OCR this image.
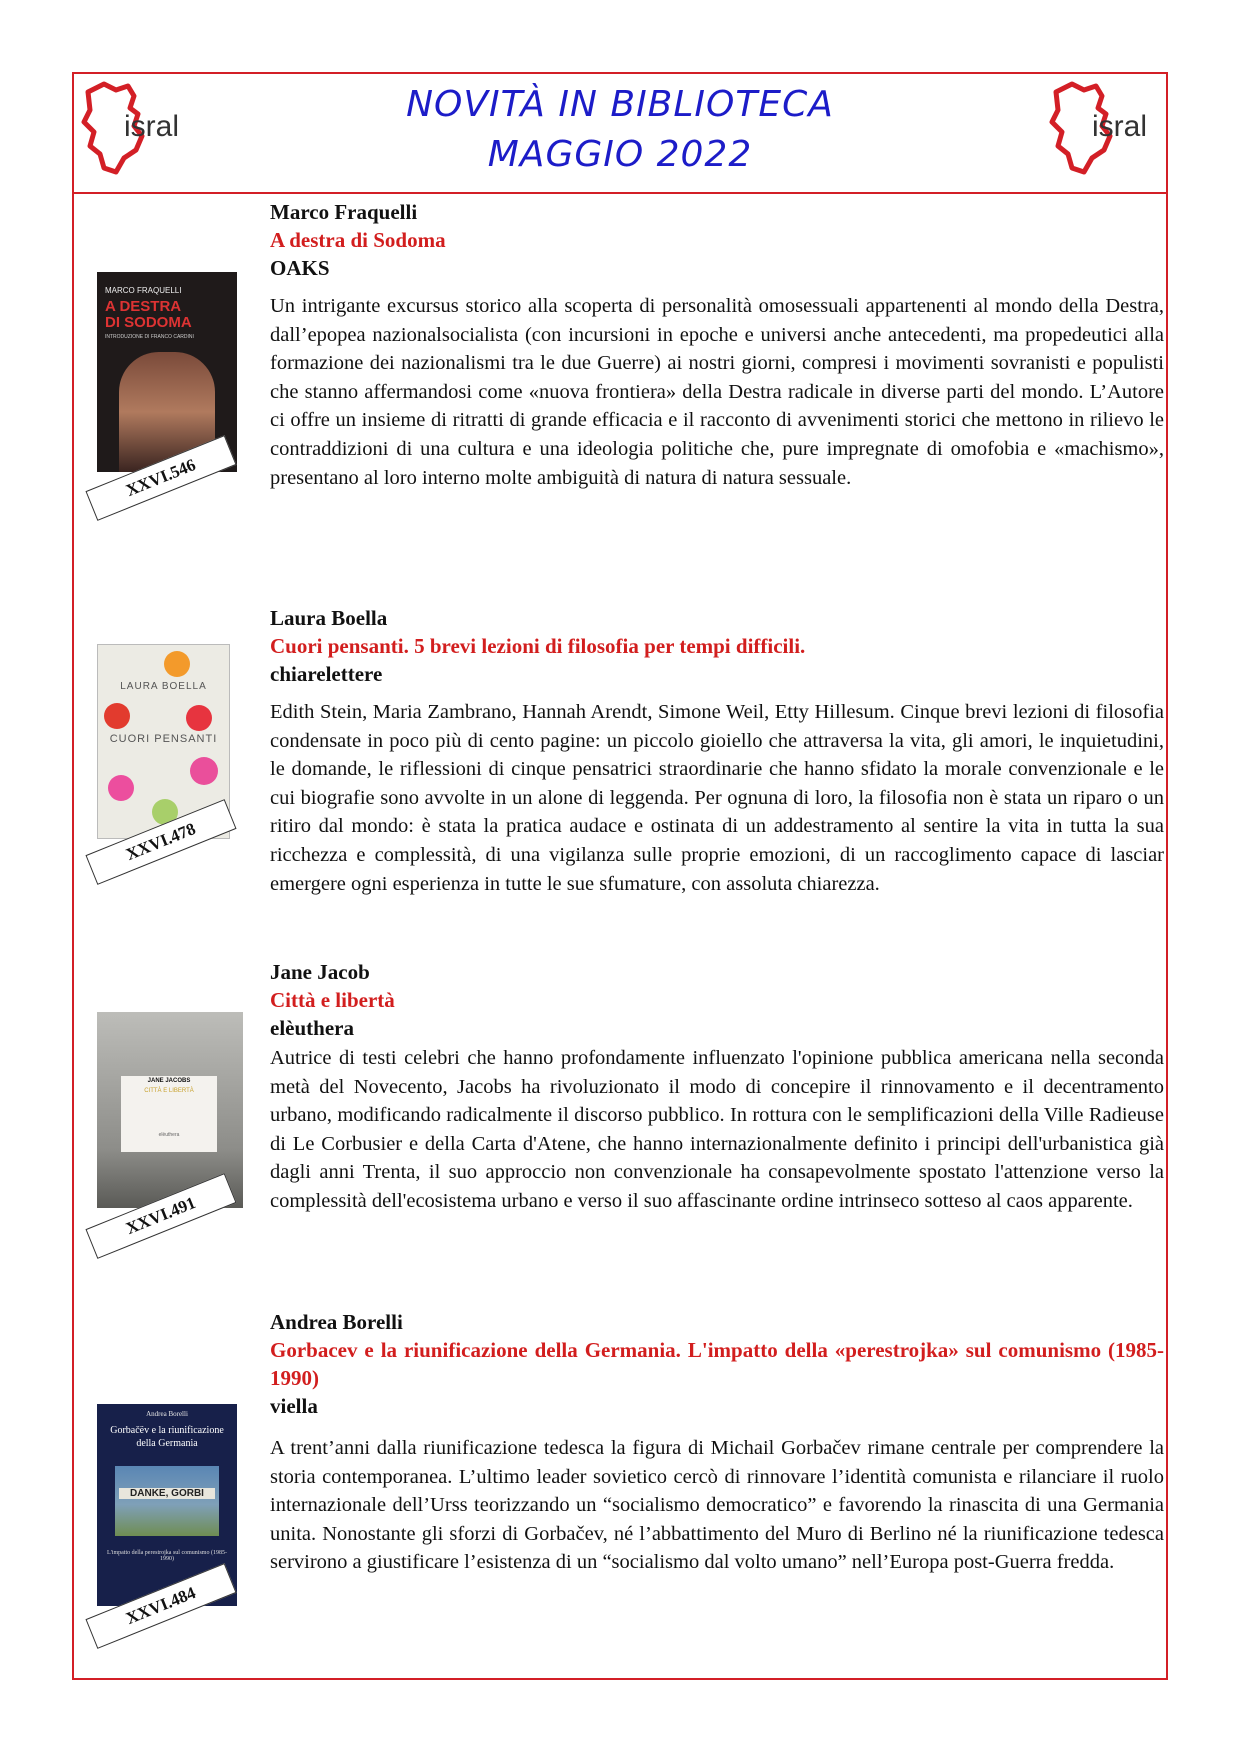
isral
NOVITÀ IN BIBLIOTECA
MAGGIO 2022
isral
MARCO FRAQUELLI
A DESTRA
DI SODOMA
INTRODUZIONE DI FRANCO CARDINI
XXVI.546
Marco Fraquelli
A destra di Sodoma
OAKS
Un intrigante excursus storico alla scoperta di personalità omosessuali appartenenti al mondo della Destra, dall’epopea nazionalsocialista (con incursioni in epoche e universi anche antecedenti, ma propedeutici alla formazione dei nazionalismi tra le due Guerre) ai nostri giorni, compresi i movimenti sovranisti e populisti che stanno affermandosi come «nuova frontiera» della Destra radicale in diverse parti del mondo. L’Autore ci offre un insieme di ritratti di grande efficacia e il racconto di avvenimenti storici che mettono in rilievo le contraddizioni di una cultura e una ideologia politiche che, pure impregnate di omofobia e «machismo», presentano al loro interno molte ambiguità di natura di natura sessuale.
LAURA BOELLA
CUORI PENSANTI
XXVI.478
Laura Boella
Cuori pensanti. 5 brevi lezioni di filosofia per tempi difficili.
chiarelettere
Edith Stein, Maria Zambrano, Hannah Arendt, Simone Weil, Etty Hillesum. Cinque brevi lezioni di filosofia condensate in poco più di cento pagine: un piccolo gioiello che attraversa la vita, gli amori, le inquietudini, le domande, le riflessioni di cinque pensatrici straordinarie che hanno sfidato la morale convenzionale e le cui biografie sono avvolte in un alone di leggenda. Per ognuna di loro, la filosofia non è stata un riparo o un ritiro dal mondo: è stata la pratica audace e ostinata di un addestramento al sentire la vita in tutta la sua ricchezza e complessità, di una vigilanza sulle proprie emozioni, di un raccoglimento capace di lasciar emergere ogni esperienza in tutte le sue sfumature, con assoluta chiarezza.
JANE JACOBS
CITTÀ E LIBERTÀ
elèuthera
XXVI.491
Jane Jacob
Città e libertà
elèuthera
Autrice di testi celebri che hanno profondamente influenzato l'opinione pubblica americana nella seconda metà del Novecento, Jacobs ha rivoluzionato il modo di concepire il rinnovamento e il decentramento urbano, modificando radicalmente il discorso pubblico. In rottura con le semplificazioni della Ville Radieuse di Le Corbusier e della Carta d'Atene, che hanno internazionalmente definito i principi dell'urbanistica già dagli anni Trenta, il suo approccio non convenzionale ha consapevolmente spostato l'attenzione verso la complessità dell'ecosistema urbano e verso il suo affascinante ordine intrinseco sotteso al caos apparente.
Andrea Borelli
Gorbačëv e la riunificazione della Germania
DANKE, GORBI
L'impatto della perestrojka sul comunismo (1985-1990)
XXVI.484
Andrea Borelli
Gorbacev e la riunificazione della Germania. L'impatto della «perestrojka» sul comunismo (1985-1990)
viella
A trent’anni dalla riunificazione tedesca la figura di Michail Gorbačev rimane centrale per comprendere la storia contemporanea. L’ultimo leader sovietico cercò di rinnovare l’identità comunista e rilanciare il ruolo internazionale dell’Urss teorizzando un “socialismo democratico” e favorendo la rinascita di una Germania unita. Nonostante gli sforzi di Gorbačev, né l’abbattimento del Muro di Berlino né la riunificazione tedesca servirono a giustificare l’esistenza di un “socialismo dal volto umano” nell’Europa post-Guerra fredda.
